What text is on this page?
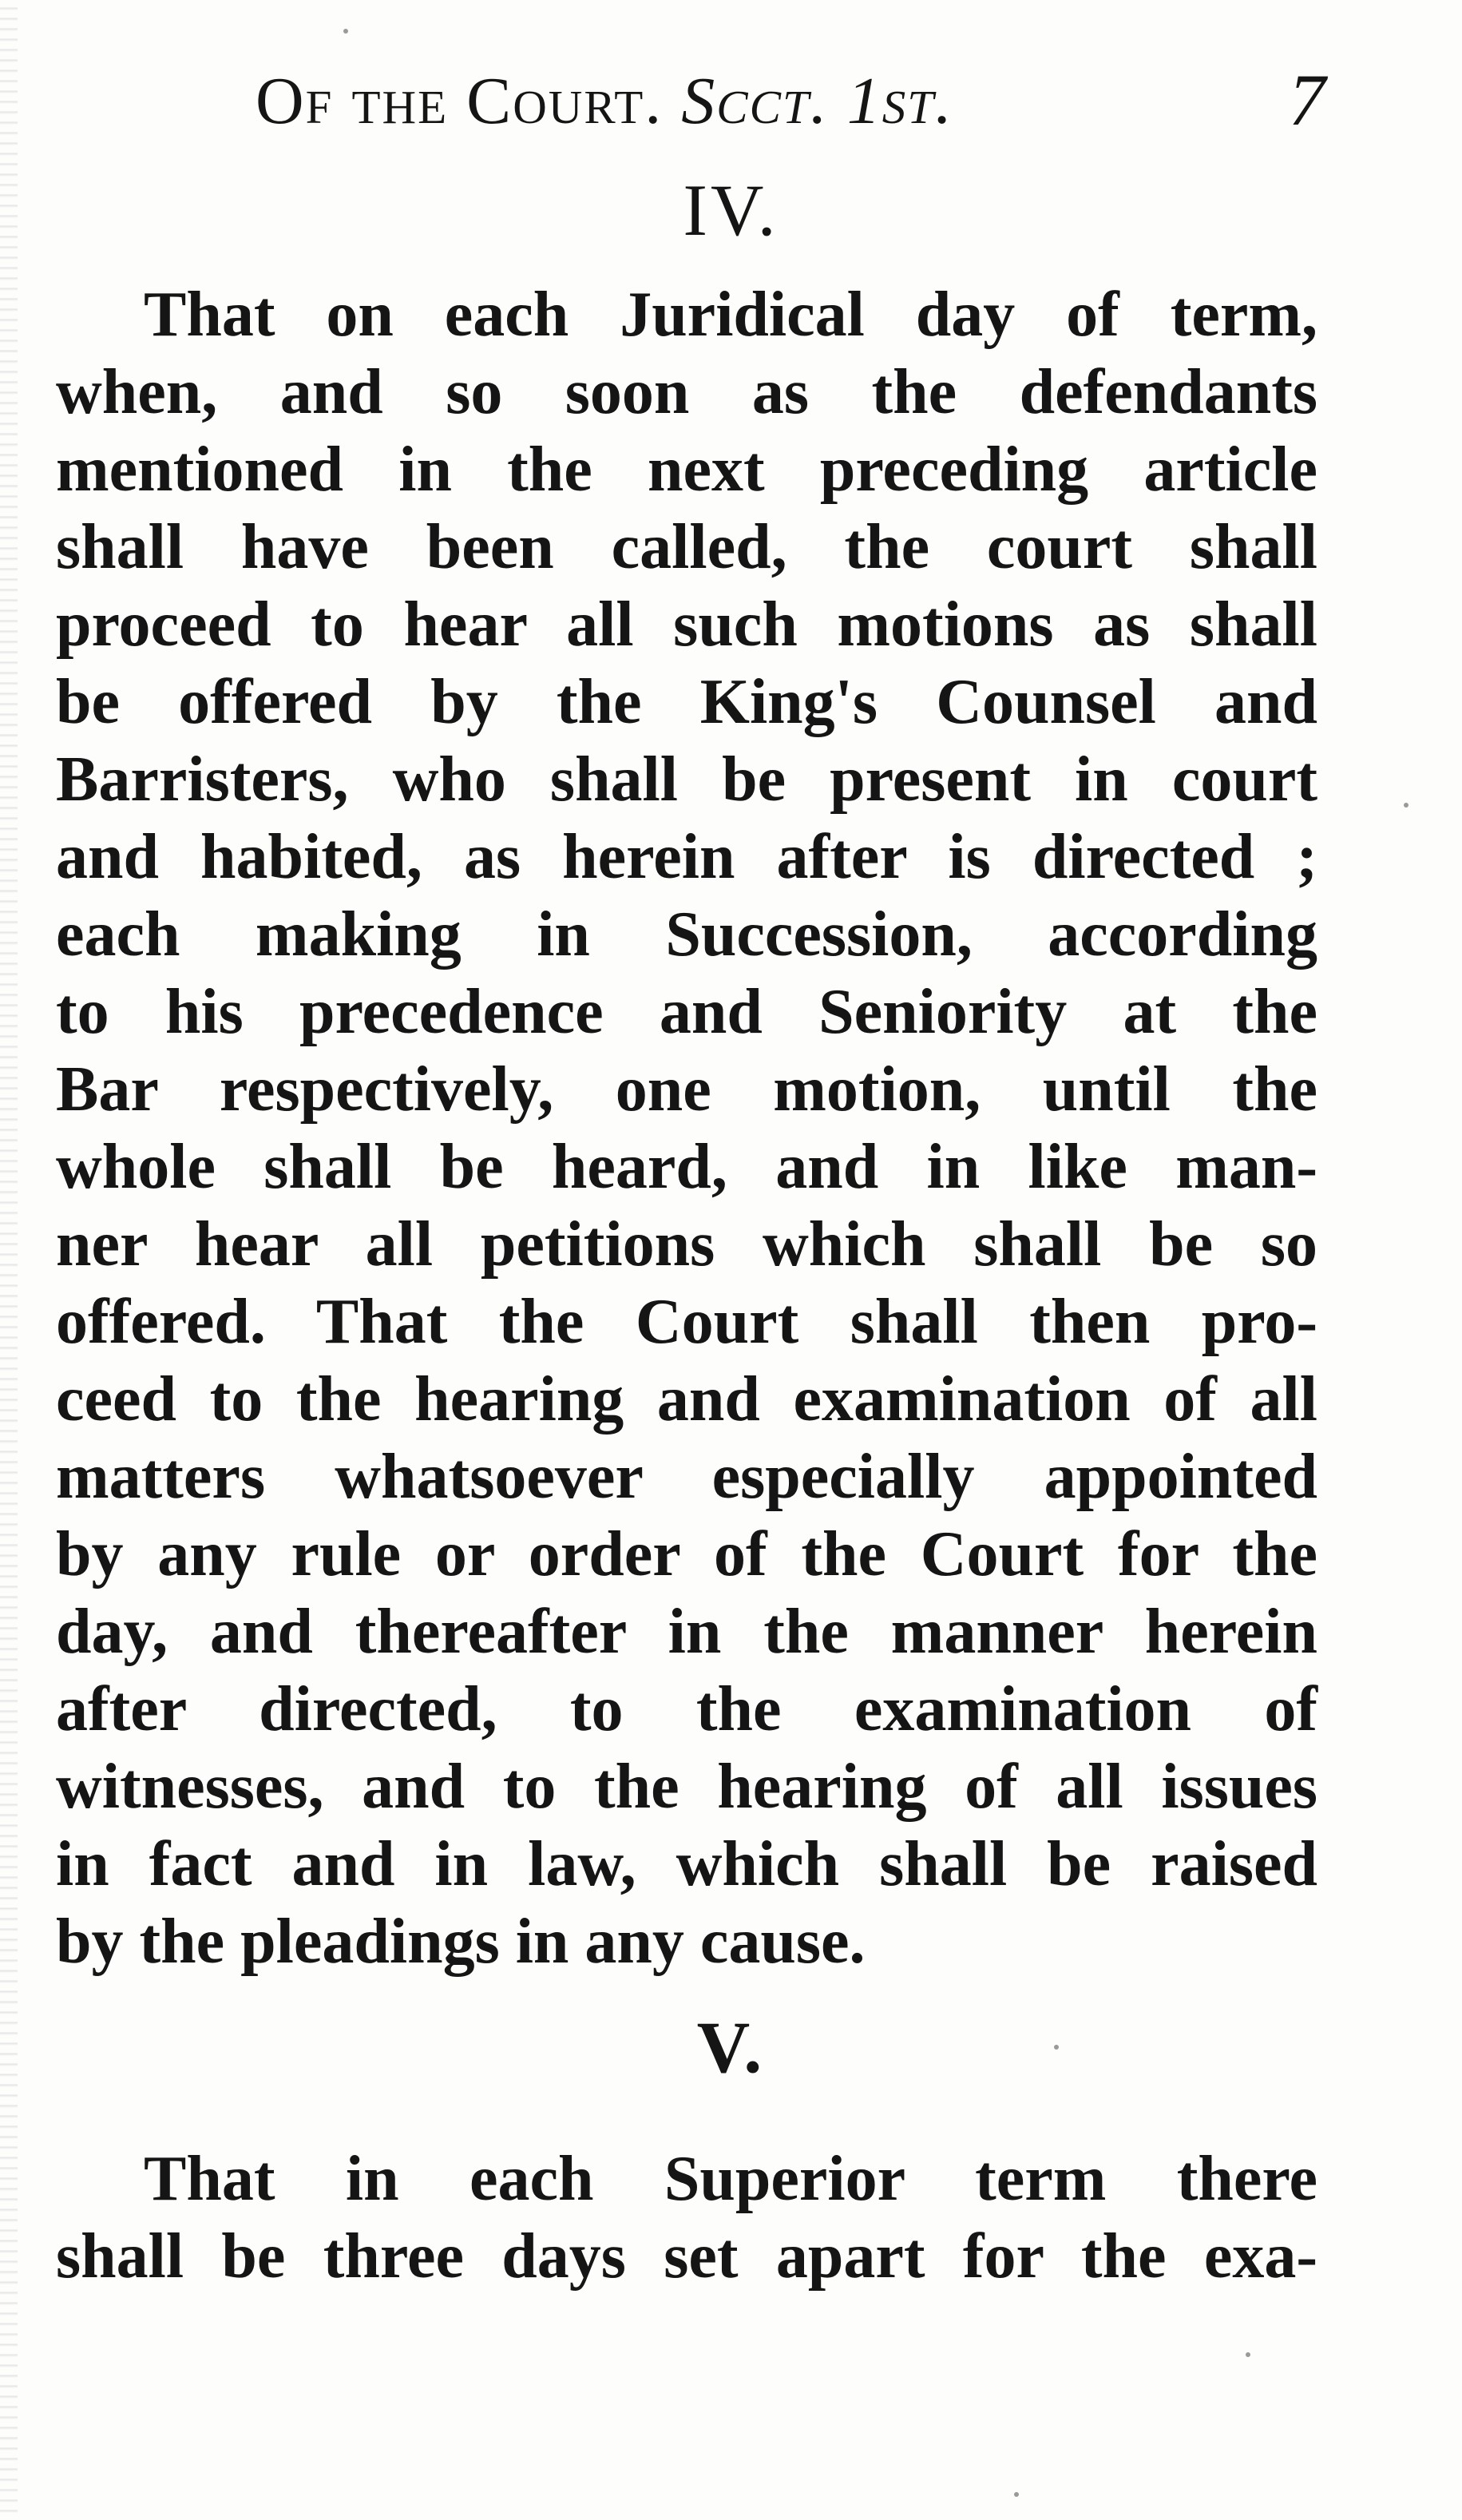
Of the Court. Scct. 1st.	7
IV.
That on each Juridical day of term,
when, and so soon as the defendants
mentioned in the next preceding article
shall have been called, the court shall
proceed to hear all such motions as shall
be offered by the King's Counsel and
Barristers, who shall be present in court
and habited, as herein after is directed ;
each making in Succession, according
to his precedence and Seniority at the
Bar respectively, one motion, until the
whole shall be heard, and in like man-
ner hear all petitions which shall be so
offered. That the Court shall then pro-
ceed to the hearing and examination of all
matters whatsoever especially appointed
by any rule or order of the Court for the
day, and thereafter in the manner herein
after directed, to the examination of
witnesses, and to the hearing of all issues
in fact and in law, which shall be raised
by the pleadings in any cause.
V.
That in each Superior term there
shall be three days set apart for the exa-
